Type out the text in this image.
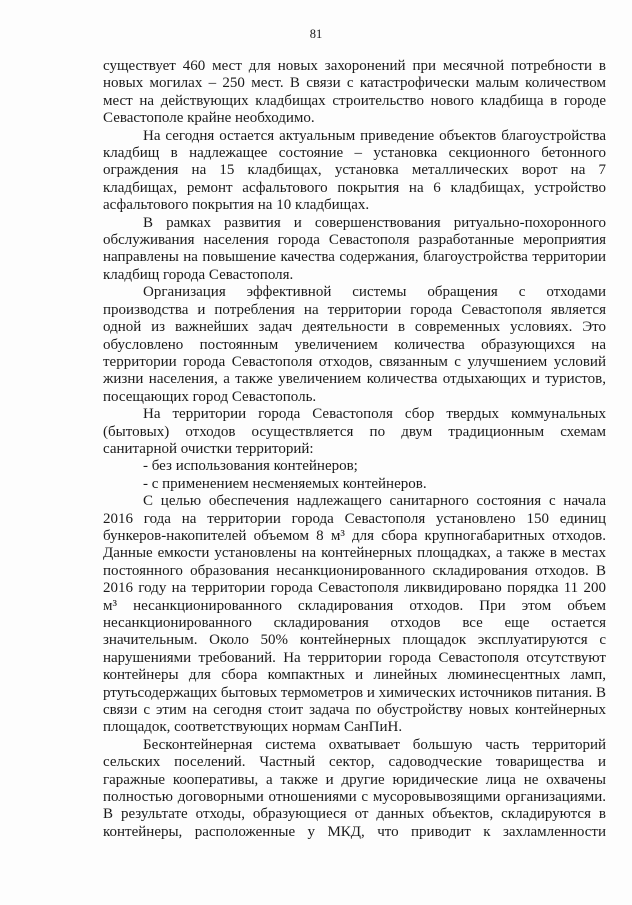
81

существует 460 мест для новых захоронений при месячной потребности в новых могилах – 250 мест. В связи с катастрофически малым количеством мест на действующих кладбищах строительство нового кладбища в городе Севастополе крайне необходимо.

На сегодня остается актуальным приведение объектов благоустройства кладбищ в надлежащее состояние – установка секционного бетонного ограждения на 15 кладбищах, установка металлических ворот на 7 кладбищах, ремонт асфальтового покрытия на 6 кладбищах, устройство асфальтового покрытия на 10 кладбищах.

В рамках развития и совершенствования ритуально-похоронного обслуживания населения города Севастополя разработанные мероприятия направлены на повышение качества содержания, благоустройства территории кладбищ города Севастополя.

Организация эффективной системы обращения с отходами производства и потребления на территории города Севастополя является одной из важнейших задач деятельности в современных условиях. Это обусловлено постоянным увеличением количества образующихся на территории города Севастополя отходов, связанным с улучшением условий жизни населения, а также увеличением количества отдыхающих и туристов, посещающих город Севастополь.

На территории города Севастополя сбор твердых коммунальных (бытовых) отходов осуществляется по двум традиционным схемам санитарной очистки территорий:

- без использования контейнеров;

- с применением несменяемых контейнеров.

С целью обеспечения надлежащего санитарного состояния с начала 2016 года на территории города Севастополя установлено 150 единиц бункеров-накопителей объемом 8 м³ для сбора крупногабаритных отходов. Данные емкости установлены на контейнерных площадках, а также в местах постоянного образования несанкционированного складирования отходов. В 2016 году на территории города Севастополя ликвидировано порядка 11 200 м³ несанкционированного складирования отходов. При этом объем несанкционированного складирования отходов все еще остается значительным. Около 50% контейнерных площадок эксплуатируются с нарушениями требований. На территории города Севастополя отсутствуют контейнеры для сбора компактных и линейных люминесцентных ламп, ртутьсодержащих бытовых термометров и химических источников питания. В связи с этим на сегодня стоит задача по обустройству новых контейнерных площадок, соответствующих нормам СанПиН.

Бесконтейнерная система охватывает большую часть территорий сельских поселений. Частный сектор, садоводческие товарищества и гаражные кооперативы, а также и другие юридические лица не охвачены полностью договорными отношениями с мусоровывозящими организациями. В результате отходы, образующиеся от данных объектов, складируются в контейнеры, расположенные у МКД, что приводит к захламленности
